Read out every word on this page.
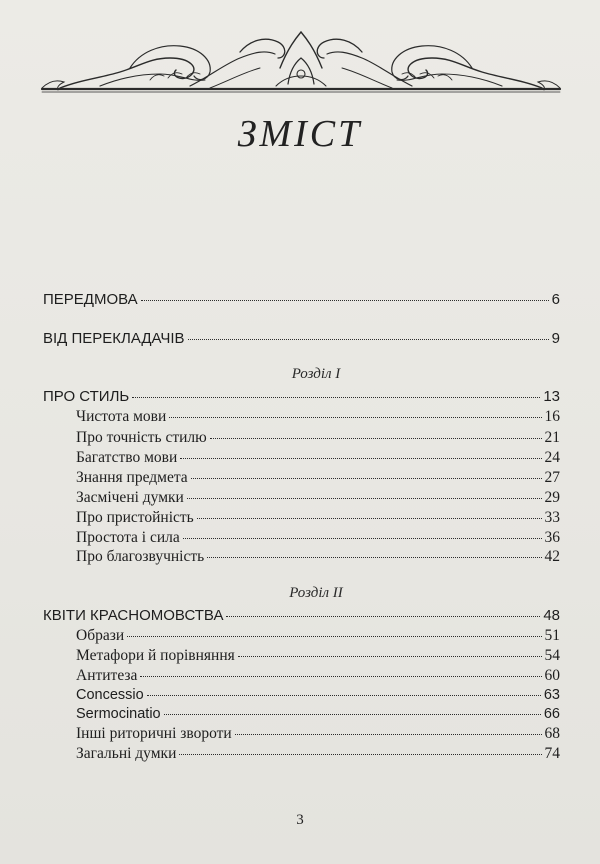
ЗМІСТ
ПЕРЕДМОВА	6
ВІД ПЕРЕКЛАДАЧІВ	9
Розділ I
ПРО СТИЛЬ	13
Чистота мови	16
Про точність стилю	21
Багатство мови	24
Знання предмета	27
Засмічені думки	29
Про пристойність	33
Простота і сила	36
Про благозвучність	42
Розділ II
КВІТИ КРАСНОМОВСТВА	48
Образи	51
Метафори й порівняння	54
Антитеза	60
Concessio	63
Sermocinatio	66
Інші риторичні звороти	68
Загальні думки	74
3
